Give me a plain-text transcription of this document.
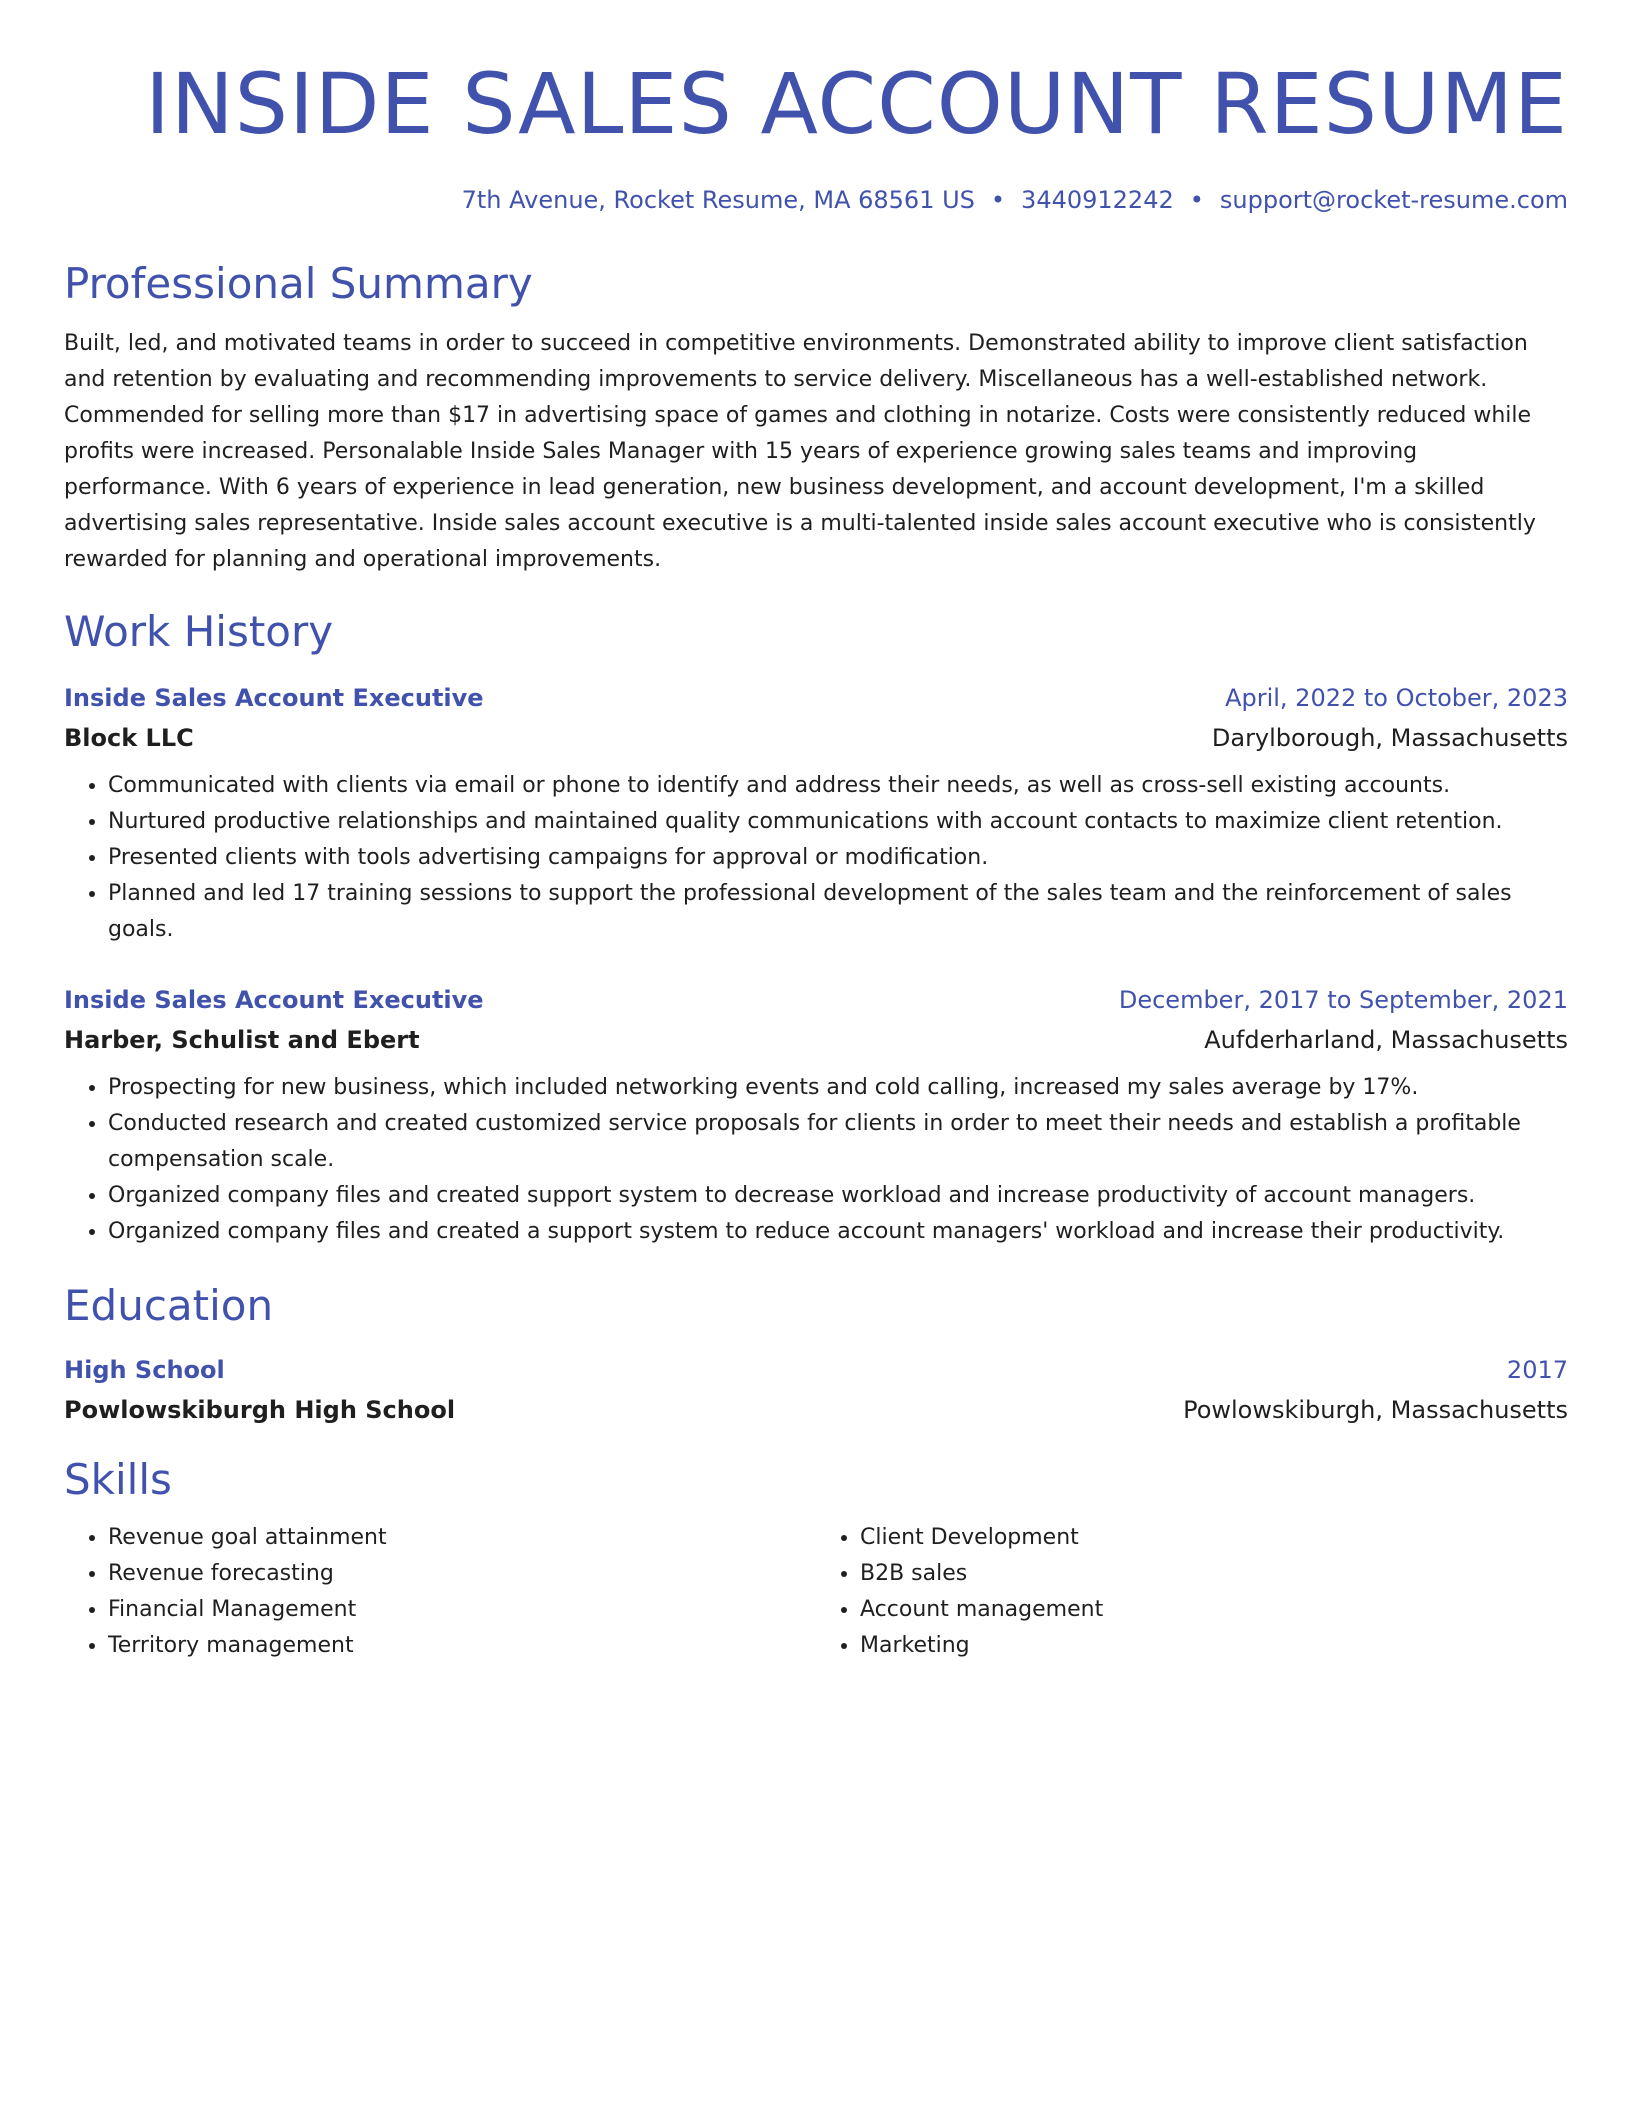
INSIDE SALES ACCOUNT RESUME
7th Avenue, Rocket Resume, MA 68561 US • 3440912242 • support@rocket-resume.com
Professional Summary
Built, led, and motivated teams in order to succeed in competitive environments. Demonstrated ability to improve client satisfaction and retention by evaluating and recommending improvements to service delivery. Miscellaneous has a well-established network. Commended for selling more than $17 in advertising space of games and clothing in notarize. Costs were consistently reduced while profits were increased. Personalable Inside Sales Manager with 15 years of experience growing sales teams and improving performance. With 6 years of experience in lead generation, new business development, and account development, I'm a skilled advertising sales representative. Inside sales account executive is a multi-talented inside sales account executive who is consistently rewarded for planning and operational improvements.
Work History
Inside Sales Account Executive	April, 2022 to October, 2023
Block LLC	Darylborough, Massachusetts
• Communicated with clients via email or phone to identify and address their needs, as well as cross-sell existing accounts.
• Nurtured productive relationships and maintained quality communications with account contacts to maximize client retention.
• Presented clients with tools advertising campaigns for approval or modification.
• Planned and led 17 training sessions to support the professional development of the sales team and the reinforcement of sales goals.
Inside Sales Account Executive	December, 2017 to September, 2021
Harber, Schulist and Ebert	Aufderharland, Massachusetts
• Prospecting for new business, which included networking events and cold calling, increased my sales average by 17%.
• Conducted research and created customized service proposals for clients in order to meet their needs and establish a profitable compensation scale.
• Organized company files and created support system to decrease workload and increase productivity of account managers.
• Organized company files and created a support system to reduce account managers' workload and increase their productivity.
Education
High School	2017
Powlowskiburgh High School	Powlowskiburgh, Massachusetts
Skills
• Revenue goal attainment
• Revenue forecasting
• Financial Management
• Territory management
• Client Development
• B2B sales
• Account management
• Marketing
